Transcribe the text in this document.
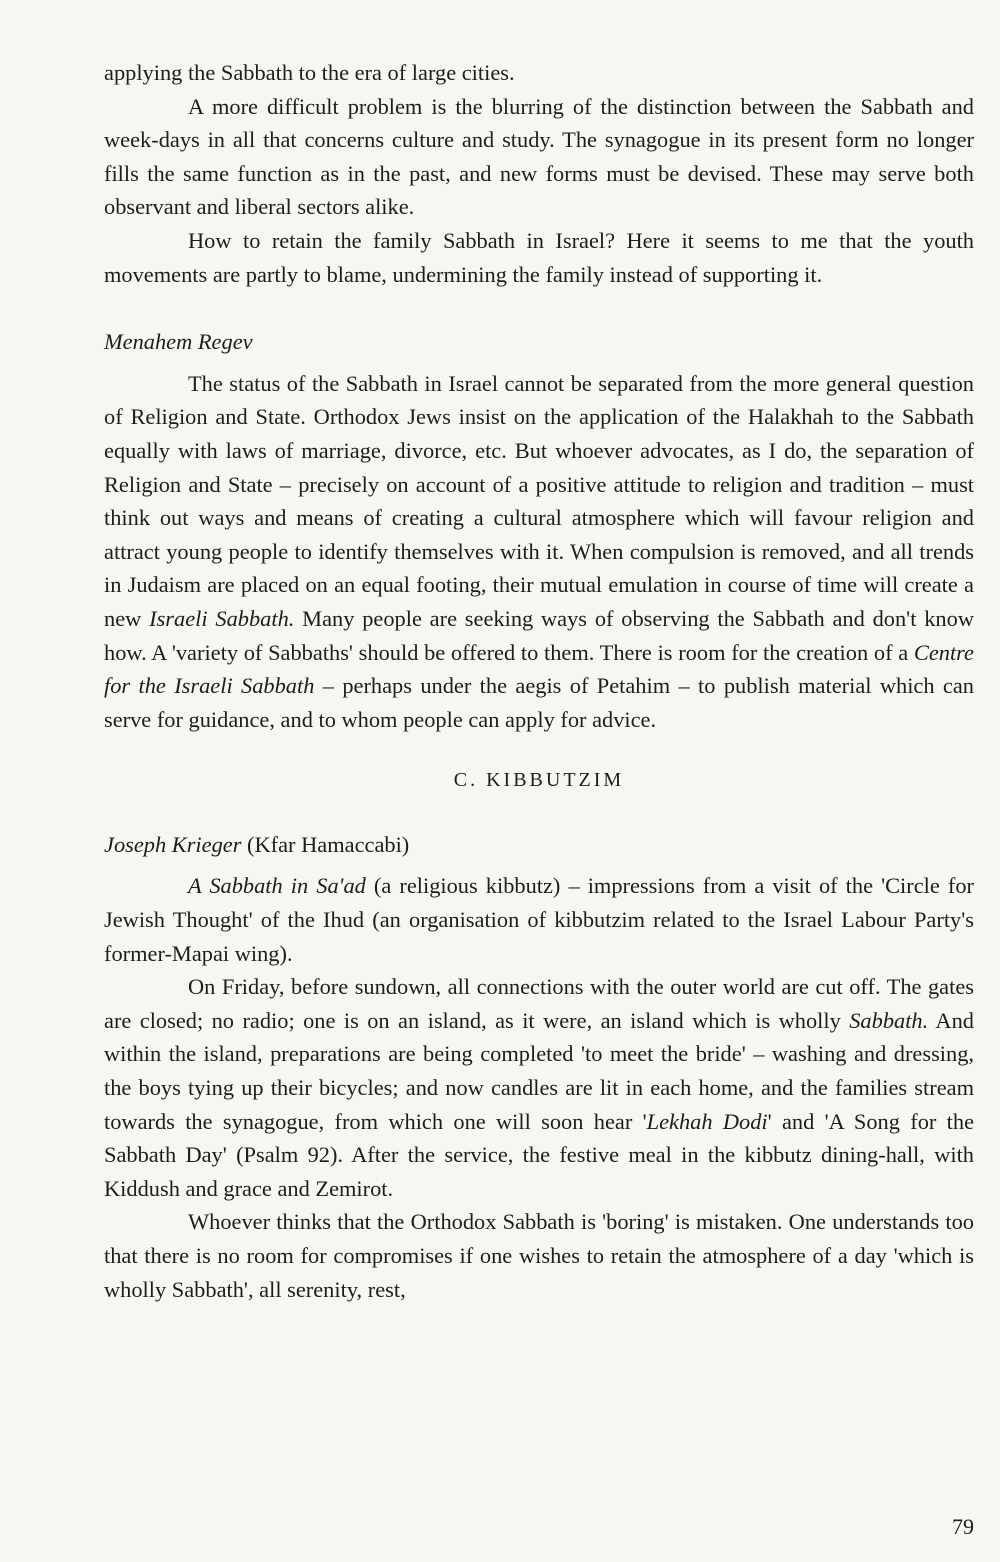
applying the Sabbath to the era of large cities.

A more difficult problem is the blurring of the distinction between the Sabbath and week-days in all that concerns culture and study. The synagogue in its present form no longer fills the same function as in the past, and new forms must be devised. These may serve both observant and liberal sectors alike.

How to retain the family Sabbath in Israel? Here it seems to me that the youth movements are partly to blame, undermining the family instead of supporting it.

Menahem Regev

The status of the Sabbath in Israel cannot be separated from the more general question of Religion and State. Orthodox Jews insist on the application of the Halakhah to the Sabbath equally with laws of marriage, divorce, etc. But whoever advocates, as I do, the separation of Religion and State – precisely on account of a positive attitude to religion and tradition – must think out ways and means of creating a cultural atmosphere which will favour religion and attract young people to identify themselves with it. When compulsion is removed, and all trends in Judaism are placed on an equal footing, their mutual emulation in course of time will create a new Israeli Sabbath. Many people are seeking ways of observing the Sabbath and don't know how. A 'variety of Sabbaths' should be offered to them. There is room for the creation of a Centre for the Israeli Sabbath – perhaps under the aegis of Petahim – to publish material which can serve for guidance, and to whom people can apply for advice.

C. KIBBUTZIM

Joseph Krieger (Kfar Hamaccabi)

A Sabbath in Sa'ad (a religious kibbutz) – impressions from a visit of the 'Circle for Jewish Thought' of the Ihud (an organisation of kibbutzim related to the Israel Labour Party's former-Mapai wing).

On Friday, before sundown, all connections with the outer world are cut off. The gates are closed; no radio; one is on an island, as it were, an island which is wholly Sabbath. And within the island, preparations are being completed 'to meet the bride' – washing and dressing, the boys tying up their bicycles; and now candles are lit in each home, and the families stream towards the synagogue, from which one will soon hear 'Lekhah Dodi' and 'A Song for the Sabbath Day' (Psalm 92). After the service, the festive meal in the kibbutz dining-hall, with Kiddush and grace and Zemirot.

Whoever thinks that the Orthodox Sabbath is 'boring' is mistaken. One understands too that there is no room for compromises if one wishes to retain the atmosphere of a day 'which is wholly Sabbath', all serenity, rest,

79
